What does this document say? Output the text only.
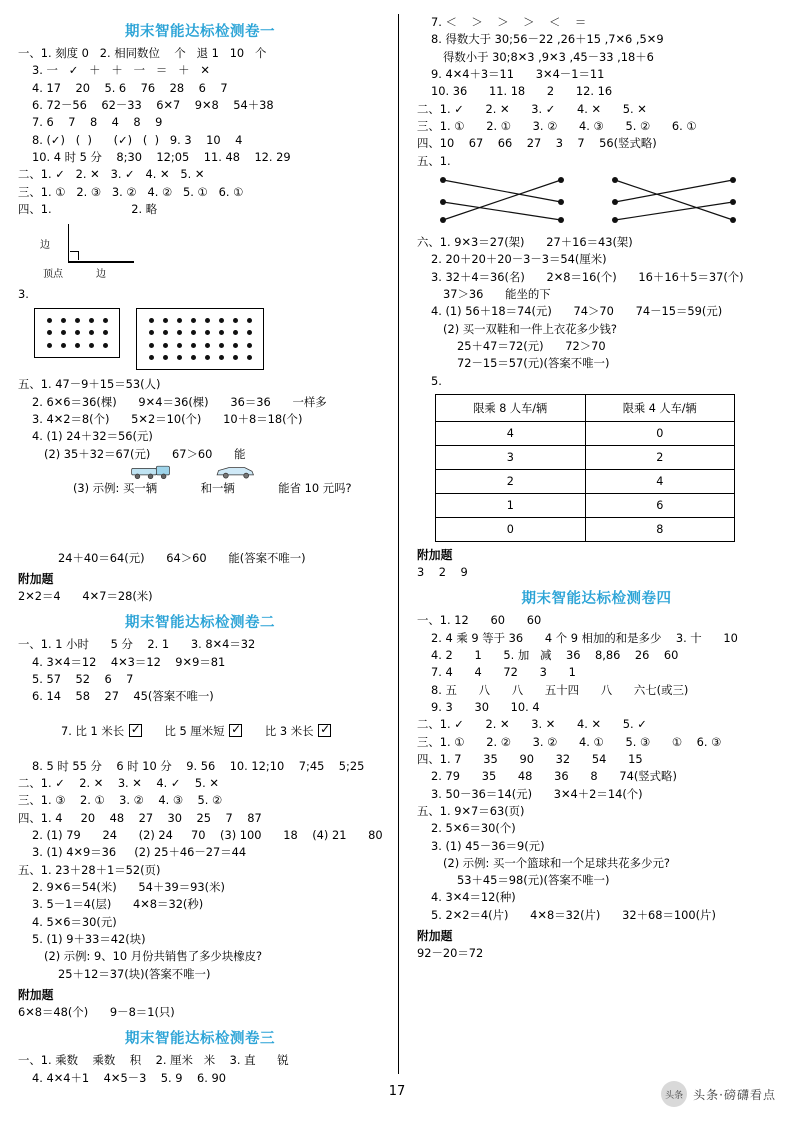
期末智能达标检测卷一
一、1. 刻度 0   2. 相同数位    个   退 1   10   个
3. 一   ✓   ＋   ＋   一   ＝   ＋   ✕
4. 17    20    5. 6    76    28    6    7
6. 72－56    62－33    6✕7    9✕8    54＋38
7. 6    7    8    4    8    9
8. (✓)   (  )      (✓)   (  )   9. 3    10    4
10. 4 时 5 分    8;30    12;05    11. 48    12. 29
二、1. ✓   2. ✕   3. ✓   4. ✕   5. ✕
三、1. ①   2. ③   3. ②   4. ②   5. ①   6. ①
四、1.                      2. 略
边
边
顶点
3.
五、1. 47－9＋15＝53(人)
2. 6✕6＝36(棵)      9✕4＝36(棵)      36＝36      一样多
3. 4✕2＝8(个)      5✕2＝10(个)      10＋8＝18(个)
4. (1) 24＋32＝56(元)
(2) 35＋32＝67(元)      67＞60      能

(3) 示例: 买一辆            和一辆            能省 10 元吗?

24＋40＝64(元)      64＞60      能(答案不唯一)
附加题
2✕2＝4      4✕7＝28(米)
期末智能达标检测卷二
一、1. 1 小时      5 分    2. 1      3. 8✕4＝32
4. 3✕4＝12    4✕3＝12    9✕9＝81
5. 57    52    6    7
6. 14    58    27    45(答案不唯一)

7. 比 1 米长  ✓      比 5 厘米短  ✓      比 3 米长  ✓

8. 5 时 55 分    6 时 10 分    9. 56    10. 12;10    7;45    5;25
二、1. ✓    2. ✕    3. ✕    4. ✓    5. ✕
三、1. ③    2. ①    3. ②    4. ③    5. ②
四、1. 4     20    48    27    30    25    7    87
2. (1) 79      24      (2) 24     70    (3) 100      18    (4) 21      80
3. (1) 4✕9＝36     (2) 25＋46－27＝44
五、1. 23＋28＋1＝52(页)
2. 9✕6＝54(米)      54＋39＝93(米)
3. 5－1＝4(层)      4✕8＝32(秒)
4. 5✕6＝30(元)
5. (1) 9＋33＝42(块)
(2) 示例: 9、10 月份共销售了多少块橡皮?
25＋12＝37(块)(答案不唯一)
附加题
6✕8＝48(个)      9－8＝1(只)
期末智能达标检测卷三
一、1. 乘数    乘数    积    2. 厘米   米    3. 直      锐
4. 4✕4＋1    4✕5－3    5. 9    6. 90
7. ＜    ＞    ＞    ＞    ＜    ＝
8. 得数大于 30;56－22 ,26＋15 ,7✕6 ,5✕9
得数小于 30;8✕3 ,9✕3 ,45－33 ,18＋6
9. 4✕4＋3＝11      3✕4－1＝11
10. 36      11. 18      2      12. 16
二、1. ✓      2. ✕      3. ✓      4. ✕      5. ✕
三、1. ①      2. ①      3. ②      4. ③      5. ②      6. ①
四、10    67    66    27    3    7    56(竖式略)
五、1.
六、1. 9✕3＝27(架)      27＋16＝43(架)
2. 20＋20＋20－3－3＝54(厘米)
3. 32＋4＝36(名)      2✕8＝16(个)      16＋16＋5＝37(个)
37＞36      能坐的下
4. (1) 56＋18＝74(元)      74＞70      74－15＝59(元)
(2) 买一双鞋和一件上衣花多少钱?
25＋47＝72(元)      72＞70
72－15＝57(元)(答案不唯一)
5.
限乘 8 人车/辆	限乘 4 人车/辆
4	0
3	2
2	4
1	6
0	8
附加题
3    2    9
期末智能达标检测卷四
一、1. 12      60      60
2. 4 乘 9 等于 36      4 个 9 相加的和是多少    3. 十      10
4. 2      1      5. 加   减    36    8,86    26    60
7. 4      4      72      3      1
8. 五      八      八      五十四      八      六七(或三)
9. 3      30      10. 4
二、1. ✓      2. ✕      3. ✕      4. ✕      5. ✓
三、1. ①      2. ②      3. ②      4. ①      5. ③      ①    6. ③
四、1. 7      35      90      32      54      15
2. 79      35      48      36      8      74(竖式略)
3. 50－36＝14(元)      3✕4＋2＝14(个)
五、1. 9✕7＝63(页)
2. 5✕6＝30(个)
3. (1) 45－36＝9(元)
(2) 示例: 买一个篮球和一个足球共花多少元?
53＋45＝98(元)(答案不唯一)
4. 3✕4＝12(种)
5. 2✕2＝4(片)      4✕8＝32(片)      32＋68＝100(片)
附加题
92－20＝72
17	头条 头条·磅礴看点
